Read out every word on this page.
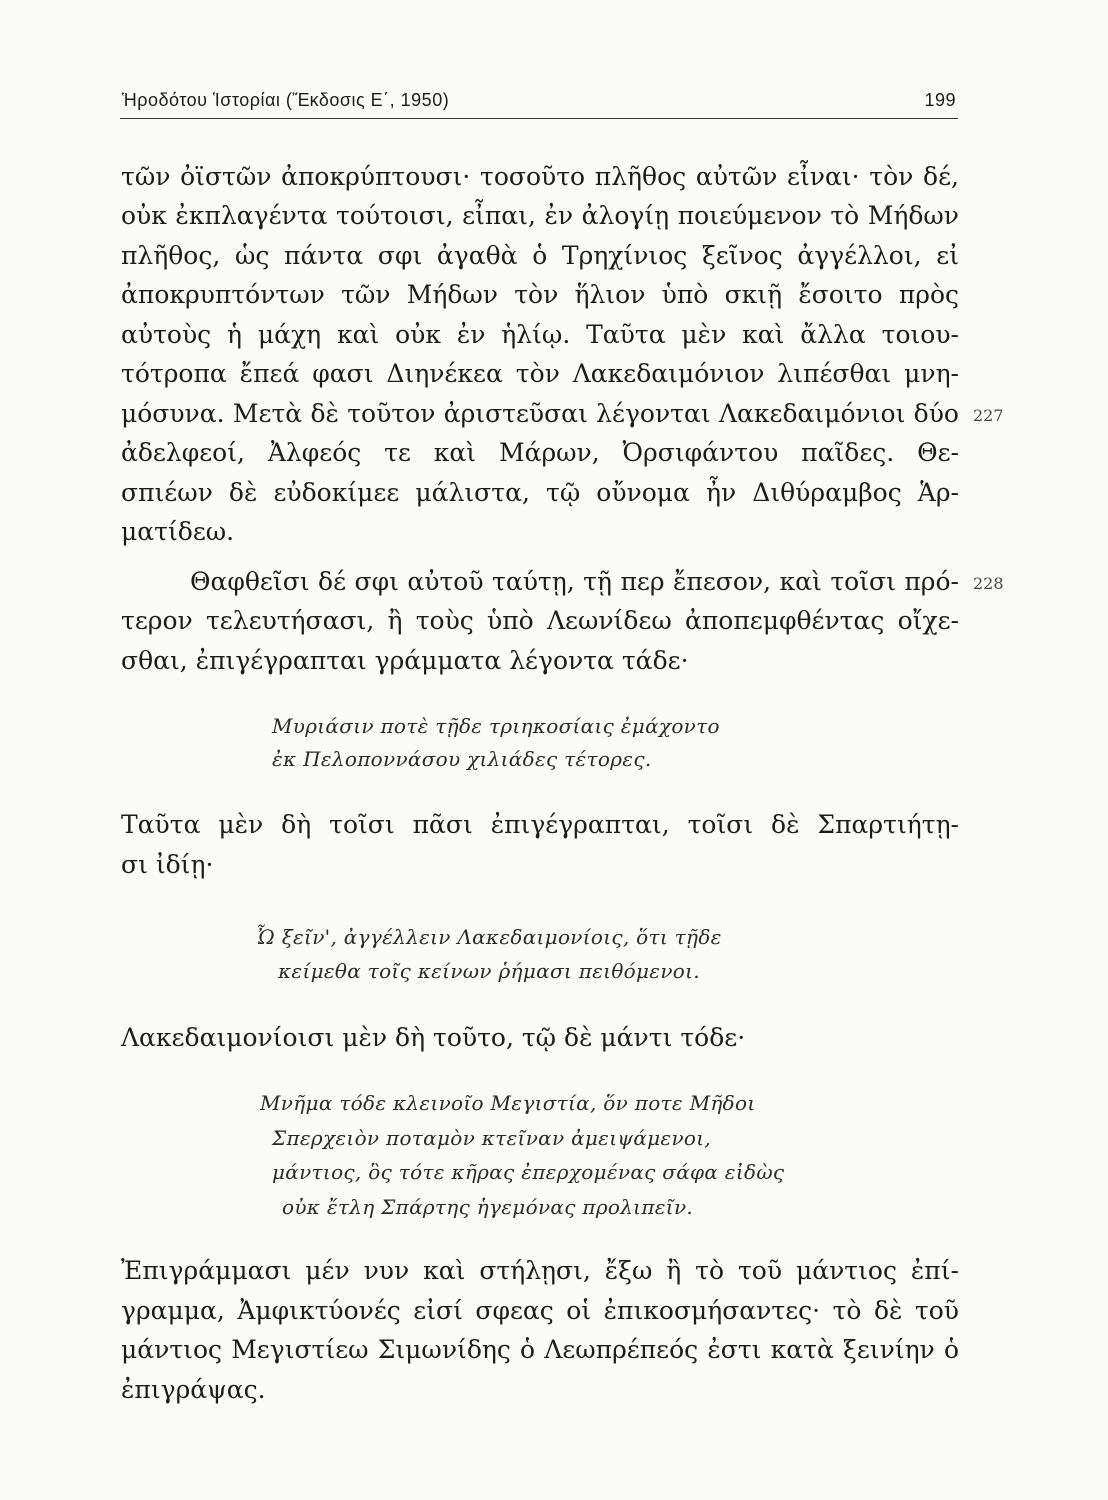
Ἡροδότου Ἱστορίαι (Ἔκδοσις Ε΄, 1950)	199
τῶν ὀϊστῶν ἀποκρύπτουσι· τοσοῦτο πλῆθος αὐτῶν εἶναι· τὸν δέ,
οὐκ ἐκπλαγέντα τούτοισι, εἶπαι, ἐν ἀλογίῃ ποιεύμενον τὸ Μήδων
πλῆθος, ὡς πάντα σφι ἀγαθὰ ὁ Τρηχίνιος ξεῖνος ἀγγέλλοι, εἰ
ἀποκρυπτόντων τῶν Μήδων τὸν ἥλιον ὑπὸ σκιῇ ἔσοιτο πρὸς
αὐτοὺς ἡ μάχη καὶ οὐκ ἐν ἡλίῳ. Ταῦτα μὲν καὶ ἄλλα τοιου-
τότροπα ἔπεά φασι Διηνέκεα τὸν Λακεδαιμόνιον λιπέσθαι μνη-
μόσυνα. Μετὰ δὲ τοῦτον ἀριστεῦσαι λέγονται Λακεδαιμόνιοι δύο
ἀδελφεοί, Ἀλφεός τε καὶ Μάρων, Ὀρσιφάντου παῖδες. Θε-
σπιέων δὲ εὐδοκίμεε μάλιστα, τῷ οὔνομα ἦν Διθύραμβος Ἁρ-
ματίδεω.
227
Θαφθεῖσι δέ σφι αὐτοῦ ταύτῃ, τῇ περ ἔπεσον, καὶ τοῖσι πρό-
τερον τελευτήσασι, ἢ τοὺς ὑπὸ Λεωνίδεω ἀποπεμφθέντας οἴχε-
σθαι, ἐπιγέγραπται γράμματα λέγοντα τάδε·
228
Μυριάσιν ποτὲ τῇδε τριηκοσίαις ἐμάχοντο
ἐκ Πελοποννάσου χιλιάδες τέτορες.
Ταῦτα μὲν δὴ τοῖσι πᾶσι ἐπιγέγραπται, τοῖσι δὲ Σπαρτιήτῃ-
σι ἰδίῃ·
Ὦ ξεῖν', ἀγγέλλειν Λακεδαιμονίοις, ὅτι τῇδε
κείμεθα τοῖς κείνων ῥήμασι πειθόμενοι.
Λακεδαιμονίοισι μὲν δὴ τοῦτο, τῷ δὲ μάντι τόδε·
Μνῆμα τόδε κλεινοῖο Μεγιστία, ὅν ποτε Μῆδοι
Σπερχειὸν ποταμὸν κτεῖναν ἀμειψάμενοι,
μάντιος, ὃς τότε κῆρας ἐπερχομένας σάφα εἰδὼς
οὐκ ἔτλη Σπάρτης ἡγεμόνας προλιπεῖν.
Ἐπιγράμμασι μέν νυν καὶ στήλῃσι, ἔξω ἢ τὸ τοῦ μάντιος ἐπί-
γραμμα, Ἀμφικτύονές εἰσί σφεας οἱ ἐπικοσμήσαντες· τὸ δὲ τοῦ
μάντιος Μεγιστίεω Σιμωνίδης ὁ Λεωπρέπεός ἐστι κατὰ ξεινίην ὁ
ἐπιγράψας.
